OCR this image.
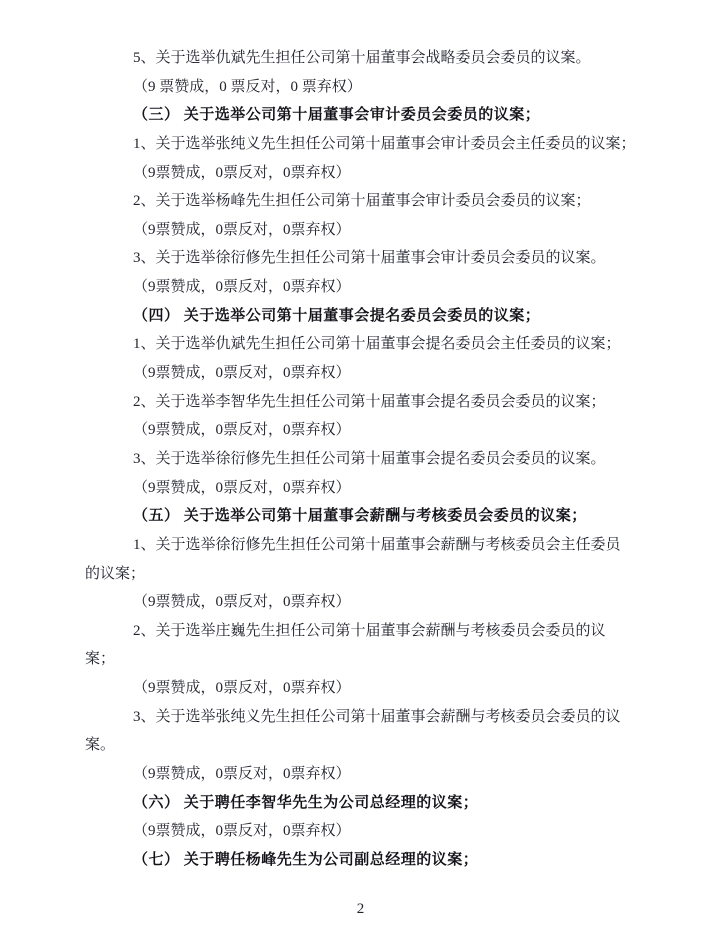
5、关于选举仇斌先生担任公司第十届董事会战略委员会委员的议案。
（9 票赞成，0 票反对，0 票弃权）
（三） 关于选举公司第十届董事会审计委员会委员的议案；
1、关于选举张纯义先生担任公司第十届董事会审计委员会主任委员的议案；
（9票赞成，0票反对，0票弃权）
2、关于选举杨峰先生担任公司第十届董事会审计委员会委员的议案；
（9票赞成，0票反对，0票弃权）
3、关于选举徐衍修先生担任公司第十届董事会审计委员会委员的议案。
（9票赞成，0票反对，0票弃权）
（四） 关于选举公司第十届董事会提名委员会委员的议案；
1、关于选举仇斌先生担任公司第十届董事会提名委员会主任委员的议案；
（9票赞成，0票反对，0票弃权）
2、关于选举李智华先生担任公司第十届董事会提名委员会委员的议案；
（9票赞成，0票反对，0票弃权）
3、关于选举徐衍修先生担任公司第十届董事会提名委员会委员的议案。
（9票赞成，0票反对，0票弃权）
（五） 关于选举公司第十届董事会薪酬与考核委员会委员的议案；
1、关于选举徐衍修先生担任公司第十届董事会薪酬与考核委员会主任委员
的议案；
（9票赞成，0票反对，0票弃权）
2、关于选举庄巍先生担任公司第十届董事会薪酬与考核委员会委员的议
案；
（9票赞成，0票反对，0票弃权）
3、关于选举张纯义先生担任公司第十届董事会薪酬与考核委员会委员的议
案。
（9票赞成，0票反对，0票弃权）
（六） 关于聘任李智华先生为公司总经理的议案；
（9票赞成，0票反对，0票弃权）
（七） 关于聘任杨峰先生为公司副总经理的议案；
2
